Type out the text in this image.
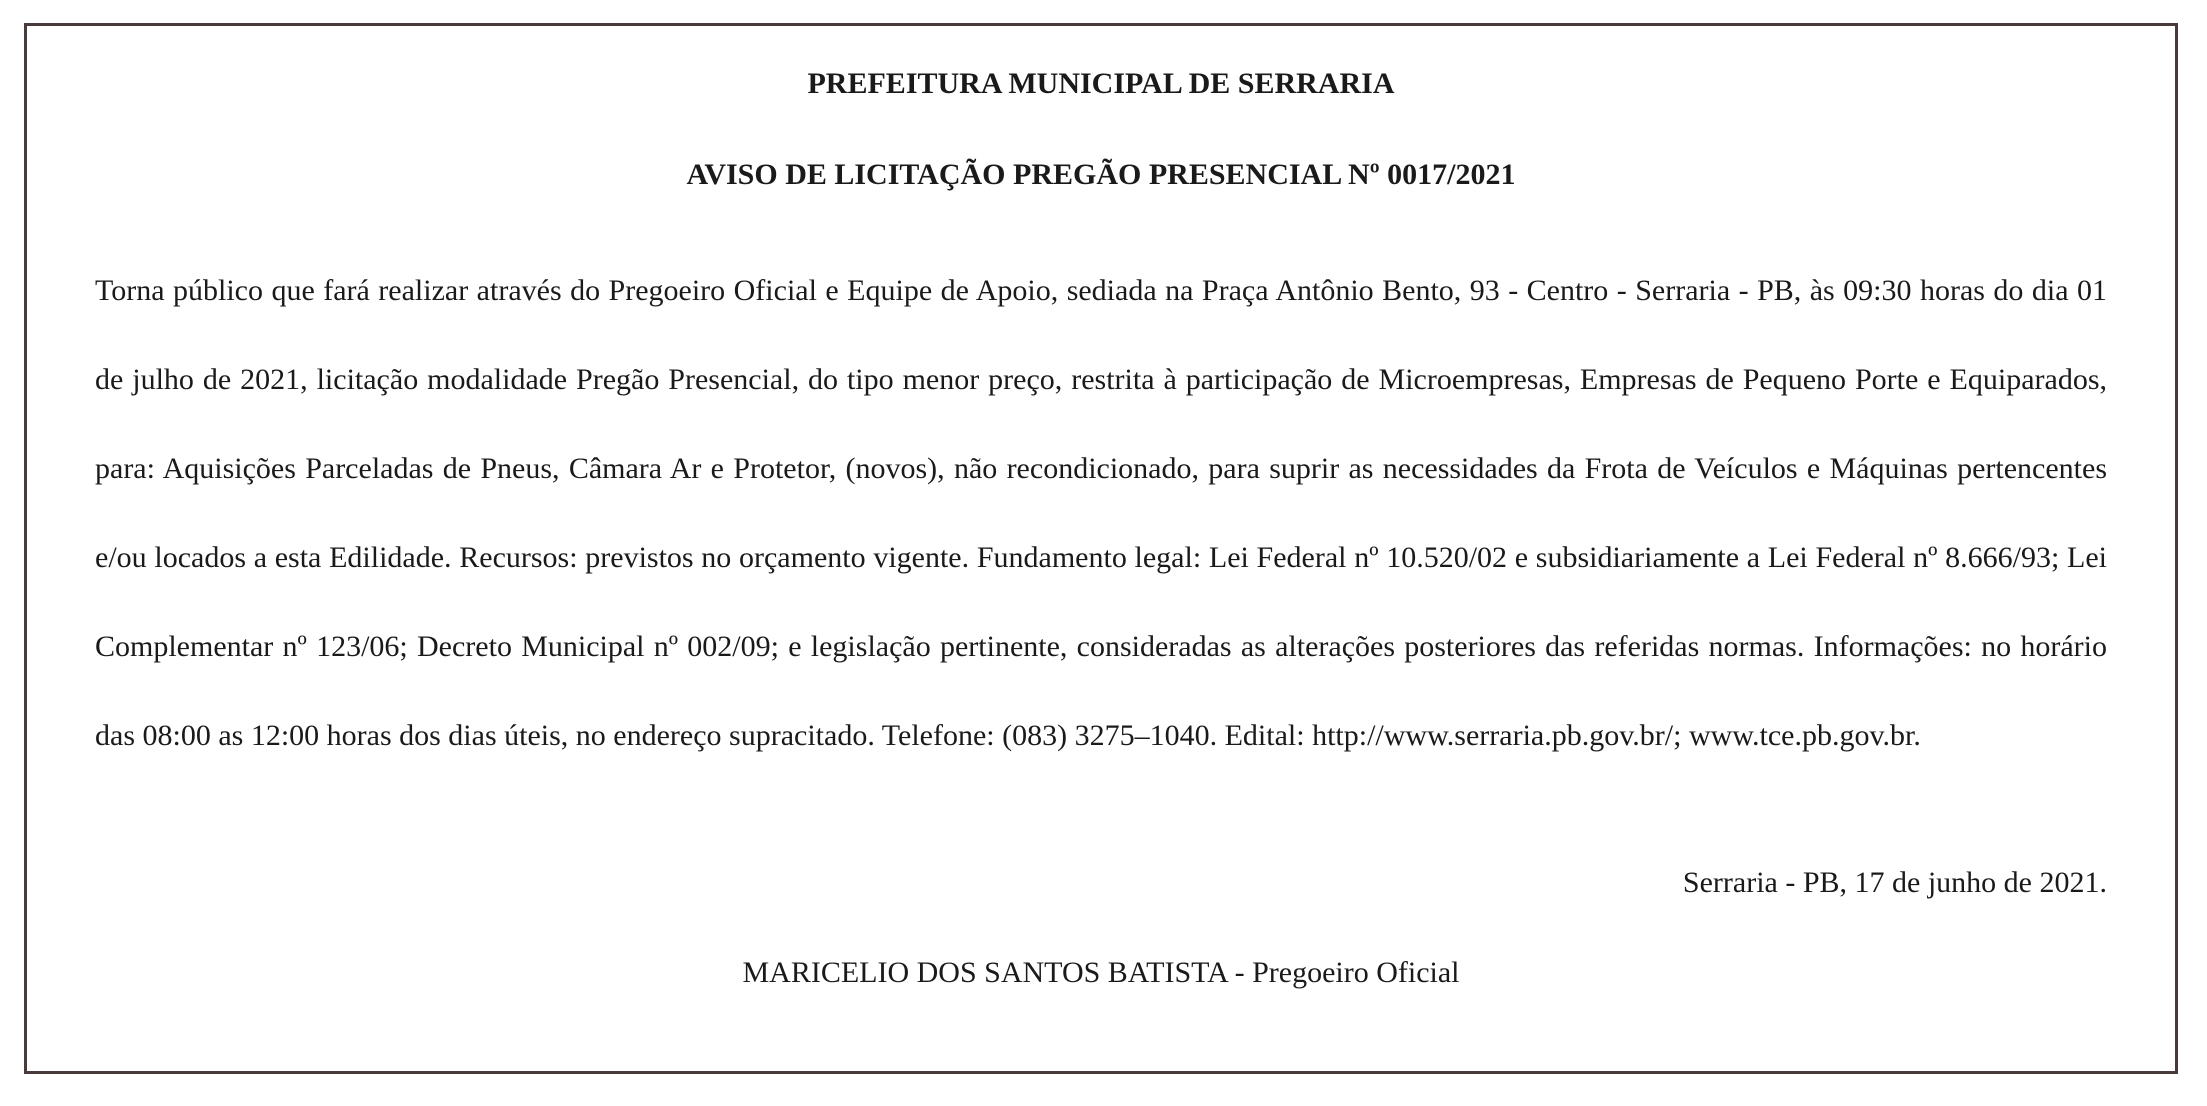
PREFEITURA MUNICIPAL DE SERRARIA

AVISO DE LICITAÇÃO PREGÃO PRESENCIAL Nº 0017/2021

Torna público que fará realizar através do Pregoeiro Oficial e Equipe de Apoio, sediada na Praça Antônio Bento, 93 - Centro - Serraria - PB, às 09:30 horas do dia 01 de julho de 2021, licitação modalidade Pregão Presencial, do tipo menor preço, restrita à participação de Microempresas, Empresas de Pequeno Porte e Equiparados, para: Aquisições Parceladas de Pneus, Câmara Ar e Protetor, (novos), não recondicionado, para suprir as necessidades da Frota de Veículos e Máquinas pertencentes e/ou locados a esta Edilidade. Recursos: previstos no orçamento vigente. Fundamento legal: Lei Federal nº 10.520/02 e subsidiariamente a Lei Federal nº 8.666/93; Lei Complementar nº 123/06; Decreto Municipal nº 002/09; e legislação pertinente, consideradas as alterações posteriores das referidas normas. Informações: no horário das 08:00 as 12:00 horas dos dias úteis, no endereço supracitado. Telefone: (083) 3275–1040. Edital: http://www.serraria.pb.gov.br/; www.tce.pb.gov.br.

Serraria - PB, 17 de junho de 2021.

MARICELIO DOS SANTOS BATISTA - Pregoeiro Oficial
